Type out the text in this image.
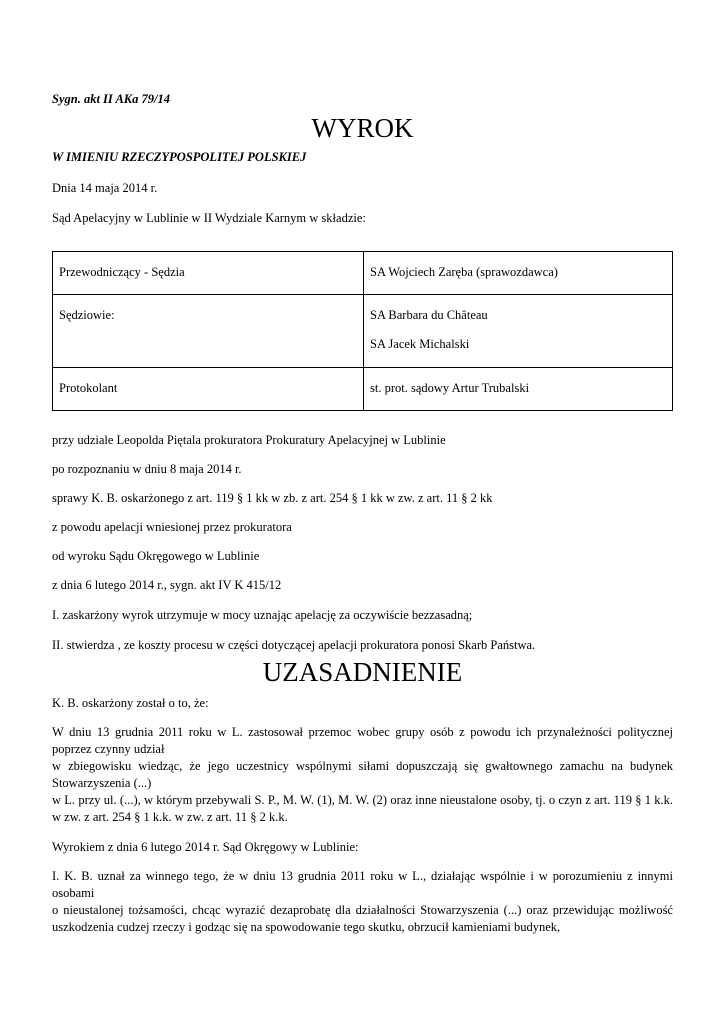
Sygn. akt II AKa 79/14
WYROK
W IMIENIU RZECZYPOSPOLITEJ POLSKIEJ
Dnia 14 maja 2014 r.
Sąd Apelacyjny w Lublinie w II Wydziale Karnym w składzie:
Przewodniczący - Sędzia	SA Wojciech Zaręba (sprawozdawca)

Sędziowie:	SA Barbara du Château
SA Jacek Michalski

Protokolant	st. prot. sądowy Artur Trubalski
przy udziale Leopolda Piętala prokuratora Prokuratury Apelacyjnej w Lublinie
po rozpoznaniu w dniu 8 maja 2014 r.
sprawy K. B. oskarżonego z art. 119 § 1 kk w zb. z art. 254 § 1 kk w zw. z art. 11 § 2 kk
z powodu apelacji wniesionej przez prokuratora
od wyroku Sądu Okręgowego w Lublinie
z dnia 6 lutego 2014 r., sygn. akt IV K 415/12
I. zaskarżony wyrok utrzymuje w mocy uznając apelację za oczywiście bezzasadną;
II. stwierdza , ze koszty procesu w części dotyczącej apelacji prokuratora ponosi Skarb Państwa.
UZASADNIENIE
K. B. oskarżony został o to, że:
W dniu 13 grudnia 2011 roku w L. zastosował przemoc wobec grupy osób z powodu ich przynależności politycznej poprzez czynny udział
w zbiegowisku wiedząc, że jego uczestnicy wspólnymi siłami dopuszczają się gwałtownego zamachu na budynek Stowarzyszenia (...)
w L. przy ul. (...), w którym przebywali S. P., M. W. (1), M. W. (2) oraz inne nieustalone osoby, tj. o czyn z art. 119 § 1 k.k. w zw. z art. 254 § 1 k.k. w zw. z art. 11 § 2 k.k.
Wyrokiem z dnia 6 lutego 2014 r. Sąd Okręgowy w Lublinie:
I. K. B. uznał za winnego tego, że w dniu 13 grudnia 2011 roku w L., działając wspólnie i w porozumieniu z innymi osobami
o nieustalonej tożsamości, chcąc wyrazić dezaprobatę dla działalności Stowarzyszenia (...) oraz przewidując możliwość uszkodzenia cudzej rzeczy i godząc się na spowodowanie tego skutku, obrzucił kamieniami budynek,
